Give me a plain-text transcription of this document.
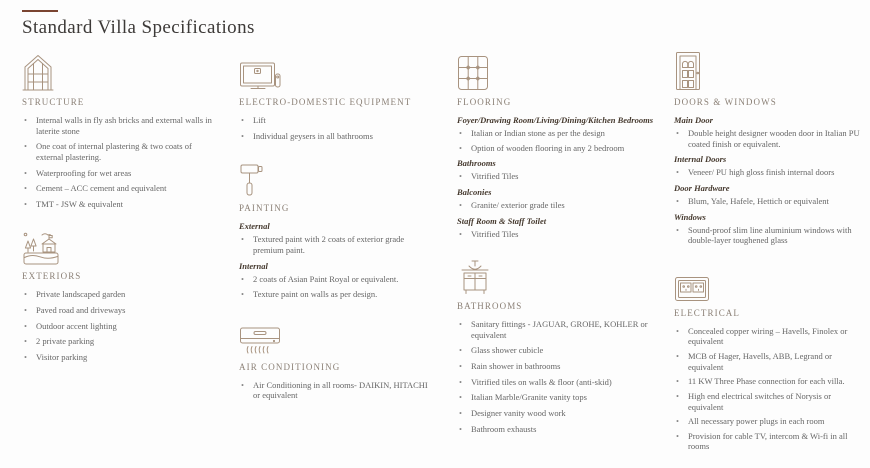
Standard Villa Specifications
STRUCTURE
• Internal walls in fly ash bricks and external walls in laterite stone
• One coat of internal plastering & two coats of external plastering.
• Waterproofing for wet areas
• Cement – ACC cement and equivalent
• TMT - JSW & equivalent
EXTERIORS
• Private landscaped garden
• Paved road and driveways
• Outdoor accent lighting
• 2 private parking
• Visitor parking
ELECTRO-DOMESTIC EQUIPMENT
• Lift
• Individual geysers in all bathrooms
PAINTING
External
• Textured paint with 2 coats of exterior grade premium paint.
Internal
• 2 coats of Asian Paint Royal or equivalent.
• Texture paint on walls as per design.
AIR CONDITIONING
• Air Conditioning in all rooms- DAIKIN, HITACHI or equivalent
FLOORING
Foyer/Drawing Room/Living/Dining/Kitchen Bedrooms
• Italian or Indian stone as per the design
• Option of wooden flooring in any 2 bedroom
Bathrooms
• Vitrified Tiles
Balconies
• Granite/ exterior grade tiles
Staff Room & Staff Toilet
• Vitrified Tiles
BATHROOMS
• Sanitary fittings - JAGUAR, GROHE, KOHLER or equivalent
• Glass shower cubicle
• Rain shower in bathrooms
• Vitrified tiles on walls & floor (anti-skid)
• Italian Marble/Granite vanity tops
• Designer vanity wood work
• Bathroom exhausts
DOORS & WINDOWS
Main Door
• Double height designer wooden door in Italian PU coated finish or equivalent.
Internal Doors
• Veneer/ PU high gloss finish internal doors
Door Hardware
• Blum, Yale, Hafele, Hettich or equivalent
Windows
• Sound-proof slim line aluminium windows with double-layer toughened glass
ELECTRICAL
• Concealed copper wiring – Havells, Finolex or equivalent
• MCB of Hager, Havells, ABB, Legrand or equivalent
• 11 KW Three Phase connection for each villa.
• High end electrical switches of Norysis or equivalent
• All necessary power plugs in each room
• Provision for cable TV, intercom & Wi-fi in all rooms
